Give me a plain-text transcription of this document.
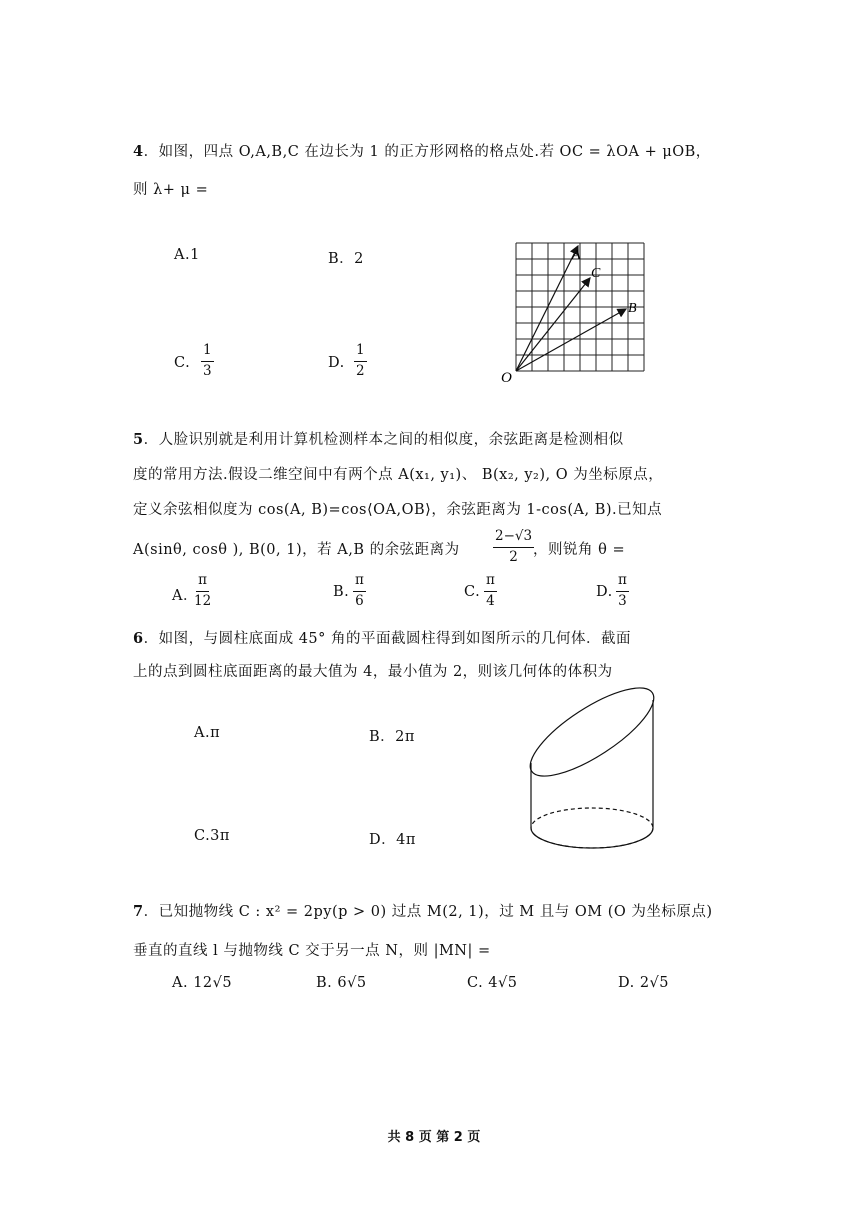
4．如图，四点 O,A,B,C 在边长为 1 的正方形网格的格点处.若 OC = λOA + μOB，
则 λ+ μ =
A.1	B．2
C. $\frac{1}{3}$	D. $\frac{1}{2}$	O
A
C
B
5．人脸识别就是利用计算机检测样本之间的相似度，余弦距离是检测相似
度的常用方法.假设二维空间中有两个点 A(x₁, y₁)、 B(x₂, y₂), O 为坐标原点，
定义余弦相似度为 cos(A, B)=cos⟨OA,OB⟩，余弦距离为 1-cos(A, B).已知点
A(sinθ, cosθ ), B(0, 1)，若 A,B 的余弦距离为 $\frac{2-√3}{2}$
，则锐角 θ =
A．
$\frac{\pi}{12}$	B. $\frac{\pi}{6}$	C. $\frac{\pi}{4}$	D. $\frac{\pi}{3}$
6．如图，与圆柱底面成 45° 角的平面截圆柱得到如图所示的几何体．截面
上的点到圆柱底面距离的最大值为 4，最小值为 2，则该几何体的体积为
A.π	B．2π
C.3π	D．4π
7．已知抛物线 C : x² = 2py(p > 0) 过点 M(2, 1)，过 M 且与 OM (O 为坐标原点)
垂直的直线 l 与抛物线 C 交于另一点 N，则 |MN| =
A. 12√5	B. 6√5	C. 4√5	D. 2√5
共 8 页 第 2 页
